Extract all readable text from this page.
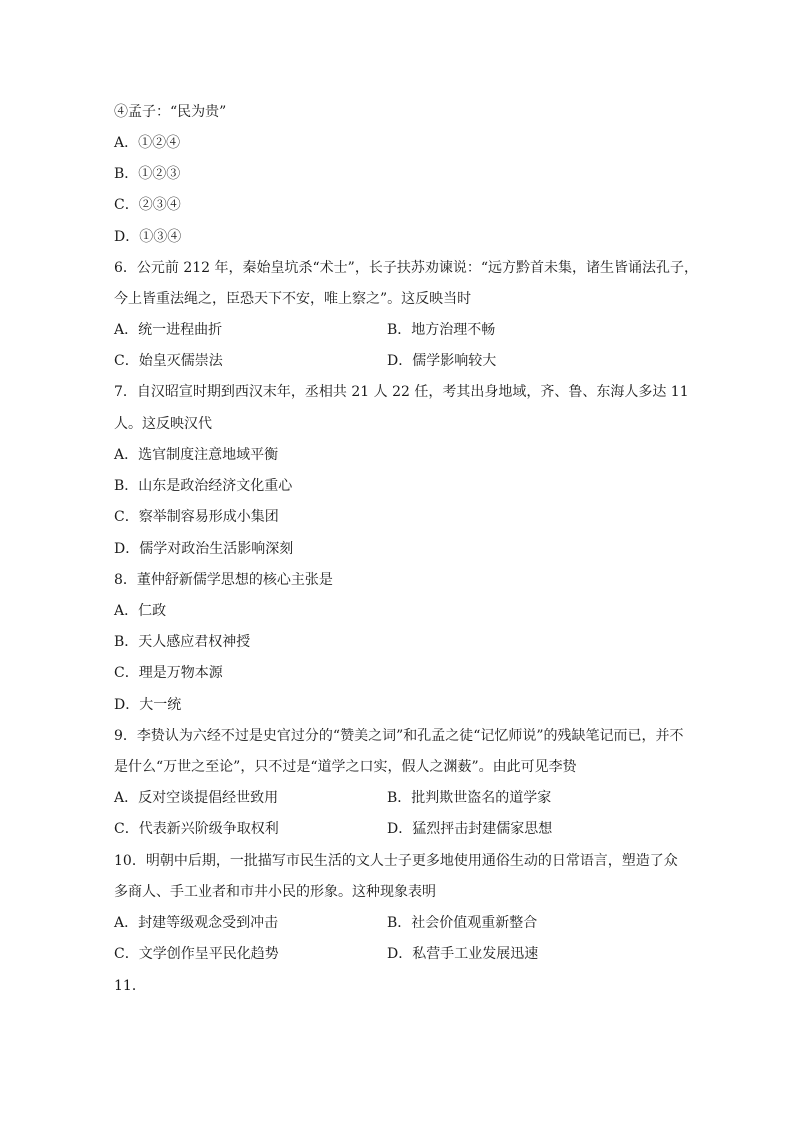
④孟子：“民为贵”
A．①②④
B．①②③
C．②③④
D．①③④
6．公元前 212 年，秦始皇坑杀“术士”，长子扶苏劝谏说：“远方黔首未集，诸生皆诵法孔子，
今上皆重法绳之，臣恐天下不安，唯上察之”。这反映当时
A．统一进程曲折	B．地方治理不畅
C．始皇灭儒崇法	D．儒学影响较大
7．自汉昭宣时期到西汉末年，丞相共 21 人 22 任，考其出身地域，齐、鲁、东海人多达 11
人。这反映汉代
A．选官制度注意地域平衡
B．山东是政治经济文化重心
C．察举制容易形成小集团
D．儒学对政治生活影响深刻
8．董仲舒新儒学思想的核心主张是
A．仁政
B．天人感应君权神授
C．理是万物本源
D．大一统
9．李贽认为六经不过是史官过分的“赞美之词”和孔孟之徒“记忆师说”的残缺笔记而已，并不
是什么“万世之至论”，只不过是“道学之口实，假人之渊薮”。由此可见李贽
A．反对空谈提倡经世致用	B．批判欺世盗名的道学家
C．代表新兴阶级争取权利	D．猛烈抨击封建儒家思想
10．明朝中后期，一批描写市民生活的文人士子更多地使用通俗生动的日常语言，塑造了众
多商人、手工业者和市井小民的形象。这种现象表明
A．封建等级观念受到冲击	B．社会价值观重新整合
C．文学创作呈平民化趋势	D．私营手工业发展迅速
11．
